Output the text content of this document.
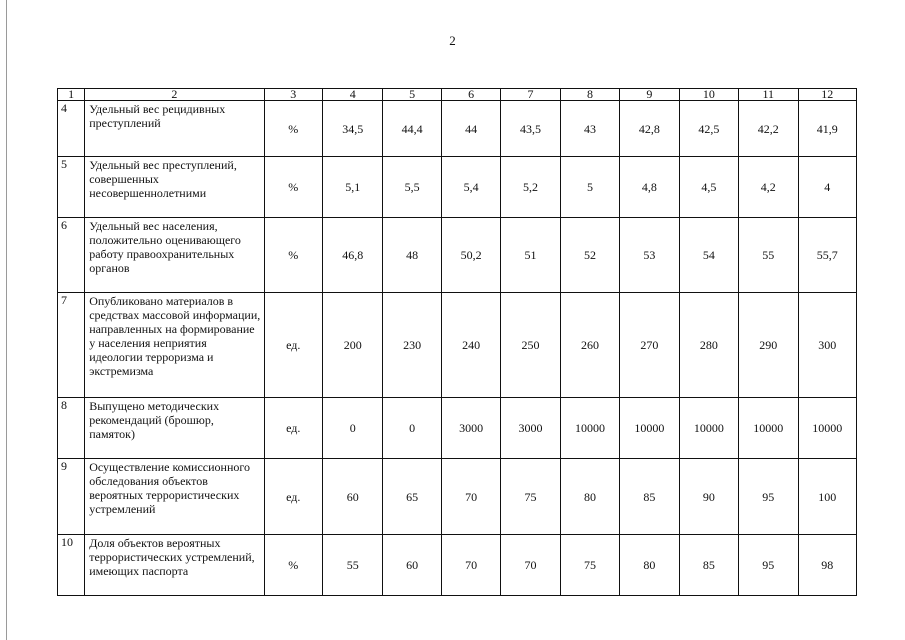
2
1	2	3	4	5	6	7	8	9	10	11	12
4	Удельный вес рецидивных преступлений	%	34,5	44,4	44	43,5	43	42,8	42,5	42,2	41,9
5	Удельный вес преступлений, совершенных несовершеннолетними	%	5,1	5,5	5,4	5,2	5	4,8	4,5	4,2	4
6	Удельный вес населения, положительно оценивающего работу правоохранительных органов	%	46,8	48	50,2	51	52	53	54	55	55,7
7	Опубликовано материалов в средствах массовой информации, направленных на формирование у населения неприятия идеологии терроризма и экстремизма	ед.	200	230	240	250	260	270	280	290	300
8	Выпущено методических рекомендаций (брошюр, памяток)	ед.	0	0	3000	3000	10000	10000	10000	10000	10000
9	Осуществление комиссионного обследования объектов вероятных террористических устремлений	ед.	60	65	70	75	80	85	90	95	100
10	Доля объектов вероятных террористических устремлений, имеющих паспорта	%	55	60	70	70	75	80	85	95	98
